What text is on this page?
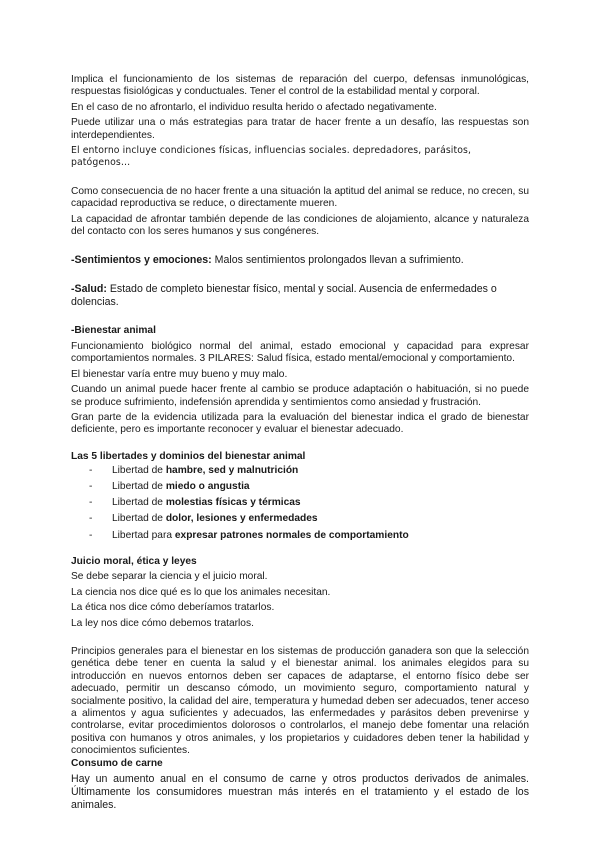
Implica el funcionamiento de los sistemas de reparación del cuerpo, defensas inmunológicas, respuestas fisiológicas y conductuales. Tener el control de la estabilidad mental y corporal.

En el caso de no afrontarlo, el individuo resulta herido o afectado negativamente.

Puede utilizar una o más estrategias para tratar de hacer frente a un desafío, las respuestas son interdependientes.

El entorno incluye condiciones físicas, influencias sociales. depredadores, parásitos, patógenos…

Como consecuencia de no hacer frente a una situación la aptitud del animal se reduce, no crecen, su capacidad reproductiva se reduce, o directamente mueren.

La capacidad de afrontar también depende de las condiciones de alojamiento, alcance y naturaleza del contacto con los seres humanos y sus congéneres.

-Sentimientos y emociones: Malos sentimientos prolongados llevan a sufrimiento.

-Salud: Estado de completo bienestar físico, mental y social. Ausencia de enfermedades o dolencias.

-Bienestar animal

Funcionamiento biológico normal del animal, estado emocional y capacidad para expresar comportamientos normales. 3 PILARES: Salud física, estado mental/emocional y comportamiento.

El bienestar varía entre muy bueno y muy malo.

Cuando un animal puede hacer frente al cambio se produce adaptación o habituación, si no puede se produce sufrimiento, indefensión aprendida y sentimientos como ansiedad y frustración.

Gran parte de la evidencia utilizada para la evaluación del bienestar indica el grado de bienestar deficiente, pero es importante reconocer y evaluar el bienestar adecuado.

Las 5 libertades y dominios del bienestar animal

- Libertad de hambre, sed y malnutrición
- Libertad de miedo o angustia
- Libertad de molestias físicas y térmicas
- Libertad de dolor, lesiones y enfermedades
- Libertad para expresar patrones normales de comportamiento

Juicio moral, ética y leyes

Se debe separar la ciencia y el juicio moral.

La ciencia nos dice qué es lo que los animales necesitan.

La ética nos dice cómo deberíamos tratarlos.

La ley nos dice cómo debemos tratarlos.

Principios generales para el bienestar en los sistemas de producción ganadera son que la selección genética debe tener en cuenta la salud y el bienestar animal. los animales elegidos para su introducción en nuevos entornos deben ser capaces de adaptarse, el entorno físico debe ser adecuado, permitir un descanso cómodo, un movimiento seguro, comportamiento natural y socialmente positivo, la calidad del aire, temperatura y humedad deben ser adecuados, tener acceso a alimentos y agua suficientes y adecuados, las enfermedades y parásitos deben prevenirse y controlarse, evitar procedimientos dolorosos o controlarlos, el manejo debe fomentar una relación positiva con humanos y otros animales, y los propietarios y cuidadores deben tener la habilidad y conocimientos suficientes.

Consumo de carne

Hay un aumento anual en el consumo de carne y otros productos derivados de animales. Últimamente los consumidores muestran más interés en el tratamiento y el estado de los animales.
